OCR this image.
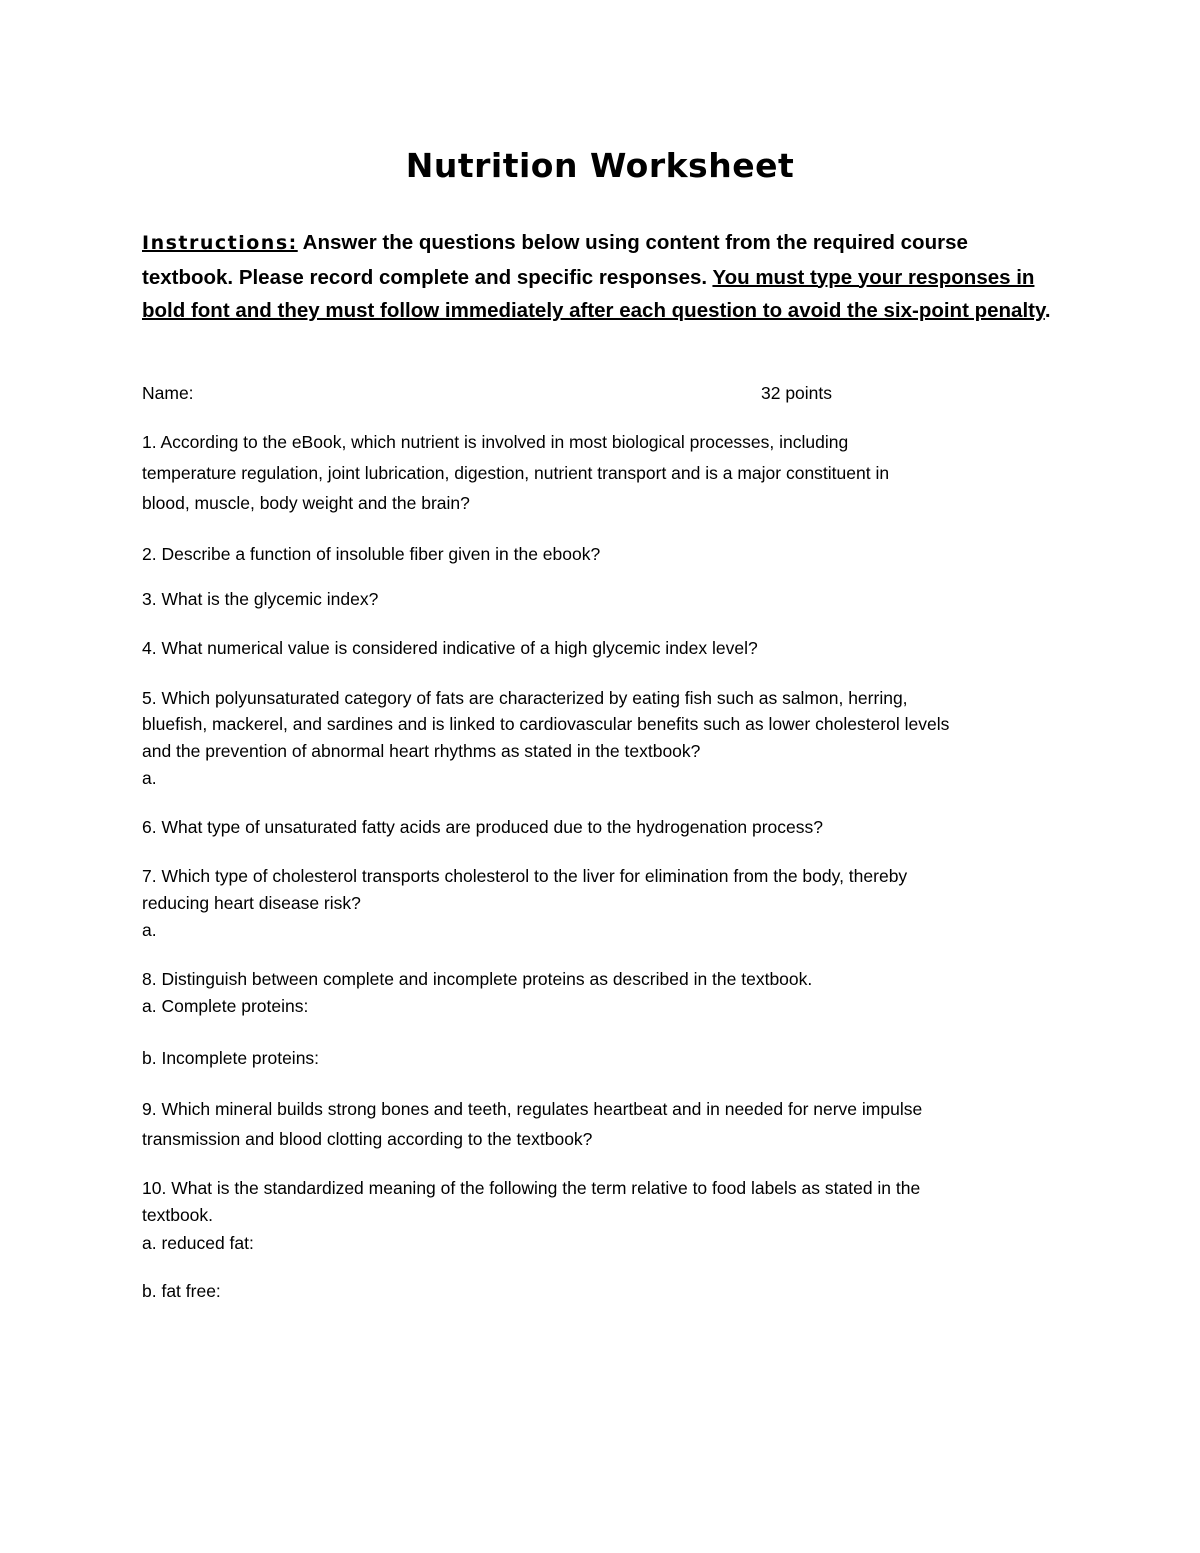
Nutrition Worksheet
Instructions: Answer the questions below using content from the required course textbook. Please record complete and specific responses. You must type your responses in bold font and they must follow immediately after each question to avoid the six-point penalty.
Name:	32 points
1. According to the eBook, which nutrient is involved in most biological processes, including
temperature regulation, joint lubrication, digestion, nutrient transport and is a major constituent in
blood, muscle, body weight and the brain?
2. Describe a function of insoluble fiber given in the ebook?
3. What is the glycemic index?
4. What numerical value is considered indicative of a high glycemic index level?
5. Which polyunsaturated category of fats are characterized by eating fish such as salmon, herring,
bluefish, mackerel, and sardines and is linked to cardiovascular benefits such as lower cholesterol levels
and the prevention of abnormal heart rhythms as stated in the textbook?
a.
6. What type of unsaturated fatty acids are produced due to the hydrogenation process?
7. Which type of cholesterol transports cholesterol to the liver for elimination from the body, thereby
reducing heart disease risk?
a.
8. Distinguish between complete and incomplete proteins as described in the textbook.
a. Complete proteins:
b. Incomplete proteins:
9. Which mineral builds strong bones and teeth, regulates heartbeat and in needed for nerve impulse
transmission and blood clotting according to the textbook?
10. What is the standardized meaning of the following the term relative to food labels as stated in the
textbook.
a. reduced fat:
b. fat free:
